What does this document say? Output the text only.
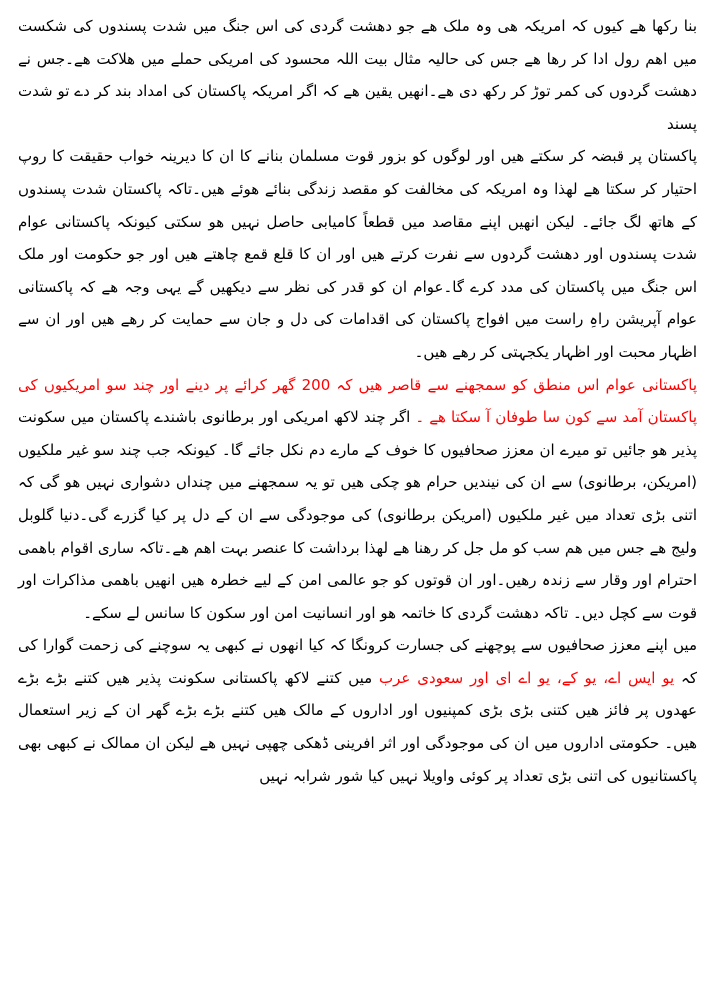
بنا رکھا ھے کیوں کہ امریکہ ھی وہ ملک ھے جو دھشت گردی کی اس جنگ میں شدت پسندوں کی شکست میں اھم رول ادا کر رھا ھے جس کی حالیہ مثال بیت اللہ محسود کی امریکی حملے میں ھلاکت ھے۔جس نے دھشت گردوں کی کمر توڑ کر رکھ دی ھے۔انھیں یقین ھے کہ اگر امریکہ پاکستان کی امداد بند کر دے تو شدت پسند

پاکستان پر قبضہ کر سکتے ھیں اور لوگوں کو بزور قوت مسلمان بنانے کا ان کا دیرینہ خواب حقیقت کا روپ احتیار کر سکتا ھے لھذا وہ امریکہ کی مخالفت کو مقصد زندگی بنائے ھوئے ھیں۔تاکہ پاکستان شدت پسندوں کے ھاتھ لگ جائے۔ لیکن انھیں اپنے مقاصد میں قطعاً کامیابی حاصل نہیں ھو سکتی کیونکہ پاکستانی عوام شدت پسندوں اور دھشت گردوں سے نفرت کرتے ھیں اور ان کا قلع قمع چاھتے ھیں اور جو حکومت اور ملک اس جنگ میں پاکستان کی مدد کرے گا۔عوام ان کو قدر کی نظر سے دیکھیں گے یہی وجہ ھے کہ پاکستانی عوام آپریشن راہِ راست میں افواج پاکستان کی اقدامات کی دل و جان سے حمایت کر رھے ھیں اور ان سے اظہار محبت اور اظہار یکجہتی کر رھے ھیں۔

پاکستانی عوام اس منطق کو سمجھنے سے قاصر ھیں کہ 200 گھر کرائے پر دینے اور چند سو امریکیوں کی پاکستان آمد سے کون سا طوفان آ سکتا ھے ۔ اگر چند لاکھ امریکی اور برطانوی باشندے پاکستان میں سکونت پذیر ھو جائیں تو میرے ان معزز صحافیوں کا خوف کے مارے دم نکل جائے گا۔ کیونکہ جب چند سو غیر ملکیوں (امریکن، برطانوی) سے ان کی نیندیں حرام ھو چکی ھیں تو یہ سمجھنے میں چنداں دشواری نہیں ھو گی کہ اتنی بڑی تعداد میں غیر ملکیوں (امریکن برطانوی) کی موجودگی سے ان کے دل پر کیا گزرے گی۔دنیا گلوبل ولیج ھے جس میں ھم سب کو مل جل کر رھنا ھے لھذا برداشت کا عنصر بہت اھم ھے۔تاکہ ساری اقوام باھمی احترام اور وقار سے زندہ رھیں۔اور ان قوتوں کو جو عالمی امن کے لیے خطرہ ھیں انھیں باھمی مذاکرات اور قوت سے کچل دیں۔ تاکہ دھشت گردی کا خاتمہ ھو اور انسانیت امن اور سکون کا سانس لے سکے۔

میں اپنے معزز صحافیوں سے پوچھنے کی جسارت کرونگا کہ کیا انھوں نے کبھی یہ سوچنے کی زحمت گوارا کی کہ یو ایس اے، یو کے، یو اے ای اور سعودی عرب میں کتنے لاکھ پاکستانی سکونت پذیر ھیں کتنے بڑے بڑے عھدوں پر فائز ھیں کتنی بڑی بڑی کمپنیوں اور اداروں کے مالک ھیں کتنے بڑے بڑے گھر ان کے زیر استعمال ھیں۔ حکومتی اداروں میں ان کی موجودگی اور اثر افرینی ڈھکی چھپی نہیں ھے لیکن ان ممالک نے کبھی بھی پاکستانیوں کی اتنی بڑی تعداد پر کوئی واویلا نہیں کیا شور شرابہ نہیں
